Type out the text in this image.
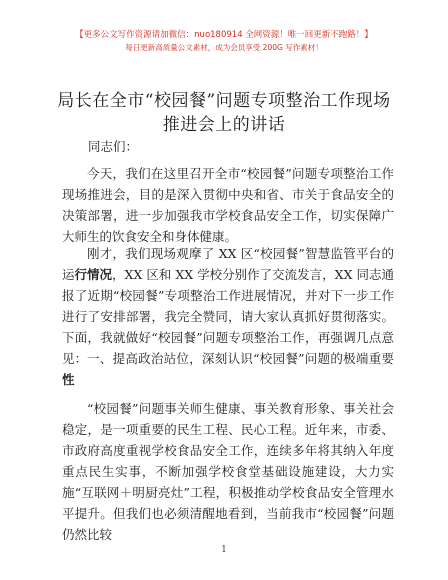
【更多公文写作资源请加微信：nuo180914 全网资源！唯一回更新不跑路！】
每日更新高质量公文素材，成为会员享受 200G 写作素材！
局长在全市“校园餐”问题专项整治工作现场
推进会上的讲话

同志们：

今天，我们在这里召开全市“校园餐”问题专项整治工作现场推进会，目的是深入贯彻中央和省、市关于食品安全的决策部署，进一步加强我市学校食品安全工作，切实保障广大师生的饮食安全和身体健康。

刚才，我们现场观摩了 XX 区“校园餐”智慧监管平台的运行情况，XX 区和 XX 学校分别作了交流发言，XX 同志通报了近期“校园餐”专项整治工作进展情况，并对下一步工作进行了安排部署，我完全赞同，请大家认真抓好贯彻落实。下面，我就做好“校园餐”问题专项整治工作，再强调几点意见： 一、提高政治站位，深刻认识“校园餐”问题的极端重要性

“校园餐”问题事关师生健康、事关教育形象、事关社会稳定，是一项重要的民生工程、民心工程。近年来，市委、市政府高度重视学校食品安全工作，连续多年将其纳入年度重点民生实事，不断加强学校食堂基础设施建设，大力实施“互联网＋明厨亮灶”工程，积极推动学校食品安全管理水平提升。但我们也必须清醒地看到，当前我市“校园餐”问题仍然比较

1
